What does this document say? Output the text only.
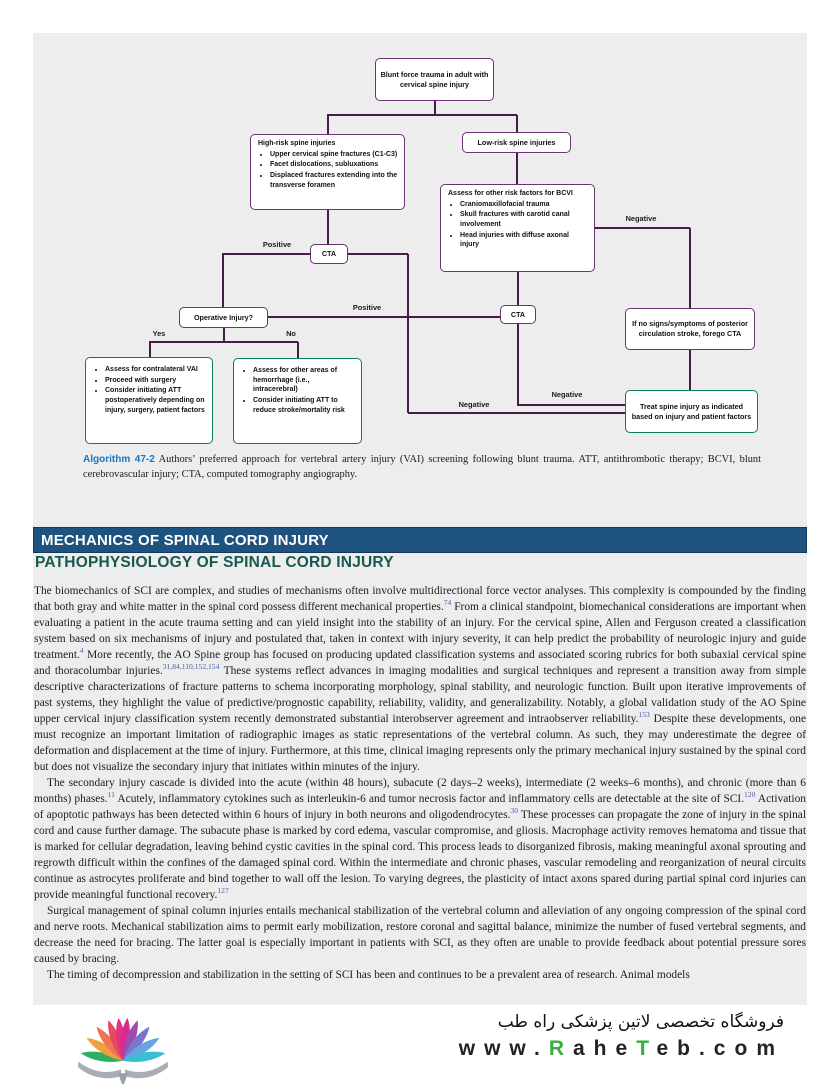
Positive
Positive
Negative
Negative
Negative
Yes	No
Blunt force trauma in adult with cervical spine injury
High-risk spine injuries
• Upper cervical spine fractures (C1-C3)
• Facet dislocations, subluxations
• Displaced fractures extending into the transverse foramen
Low-risk spine injuries
Assess for other risk factors for BCVI
• Craniomaxillofacial trauma
• Skull fractures with carotid canal involvement
• Head injuries with diffuse axonal injury
CTA
Operative Injury?	CTA
If no signs/symptoms of posterior circulation stroke, forego CTA
• Assess for contralateral VAI
• Proceed with surgery
• Consider initiating ATT postoperatively depending on injury, surgery, patient factors
• Assess for other areas of hemorrhage (i.e., intracerebral)
• Consider initiating ATT to reduce stroke/mortality risk	Treat spine injury as indicated based on injury and patient factors

Algorithm 47-2 Authors’ preferred approach for vertebral artery injury (VAI) screening following blunt trauma. ATT, antithrombotic therapy; BCVI, blunt cerebrovascular injury; CTA, computed tomography angiography.

MECHANICS OF SPINAL CORD INJURY
PATHOPHYSIOLOGY OF SPINAL CORD INJURY

The biomechanics of SCI are complex, and studies of mechanisms often involve multidirectional force vector analyses. This complexity is compounded by the finding that both gray and white matter in the spinal cord possess different mechanical properties.$^{74}$ From a clinical standpoint, biomechanical considerations are important when evaluating a patient in the acute trauma setting and can yield insight into the stability of an injury. For the cervical spine, Allen and Ferguson created a classification system based on six mechanisms of injury and postulated that, taken in context with injury severity, it can help predict the probability of neurologic injury and guide treatment.$^4$ More recently, the AO Spine group has focused on producing updated classification systems and associated scoring rubrics for both subaxial cervical spine and thoracolumbar injuries.$^{31,84,110,152,154}$ These systems reflect advances in imaging modalities and surgical techniques and represent a transition away from simple descriptive characterizations of fracture patterns to schema incorporating morphology, spinal stability, and neurologic function. Built upon iterative improvements of past systems, they highlight the value of predictive/prognostic capability, reliability, validity, and generalizability. Notably, a global validation study of the AO Spine upper cervical injury classification system recently demonstrated substantial interobserver agreement and intraobserver reliability.$^{153}$ Despite these developments, one must recognize an important limitation of radiographic images as static representations of the vertebral column. As such, they may underestimate the degree of deformation and displacement at the time of injury. Furthermore, at this time, clinical imaging represents only the primary mechanical injury sustained by the spinal cord but does not visualize the secondary injury that initiates within minutes of the injury.

The secondary injury cascade is divided into the acute (within 48 hours), subacute (2 days–2 weeks), intermediate (2 weeks–6 months), and chronic (more than 6 months) phases.$^{11}$ Acutely, inflammatory cytokines such as interleukin-6 and tumor necrosis factor and inflammatory cells are detectable at the site of SCI.$^{120}$ Activation of apoptotic pathways has been detected within 6 hours of injury in both neurons and oligodendrocytes.$^{30}$ These processes can propagate the zone of injury in the spinal cord and cause further damage. The subacute phase is marked by cord edema, vascular compromise, and gliosis. Macrophage activity removes hematoma and tissue that is marked for cellular degradation, leaving behind cystic cavities in the spinal cord. This process leads to disorganized fibrosis, making meaningful axonal sprouting and regrowth difficult within the confines of the damaged spinal cord. Within the intermediate and chronic phases, vascular remodeling and reorganization of neural circuits continue as astrocytes proliferate and bind together to wall off the lesion. To varying degrees, the plasticity of intact axons spared during partial spinal cord injuries can provide meaningful functional recovery.$^{127}$

Surgical management of spinal column injuries entails mechanical stabilization of the vertebral column and alleviation of any ongoing compression of the spinal cord and nerve roots. Mechanical stabilization aims to permit early mobilization, restore coronal and sagittal balance, minimize the number of fused vertebral segments, and decrease the need for bracing. The latter goal is especially important in patients with SCI, as they often are unable to provide feedback about potential pressure sores caused by bracing.

The timing of decompression and stabilization in the setting of SCI has been and continues to be a prevalent area of research. Animal models

فروشگاه تخصصی لاتین پزشکی راه طب
www.RaheTeb.com
